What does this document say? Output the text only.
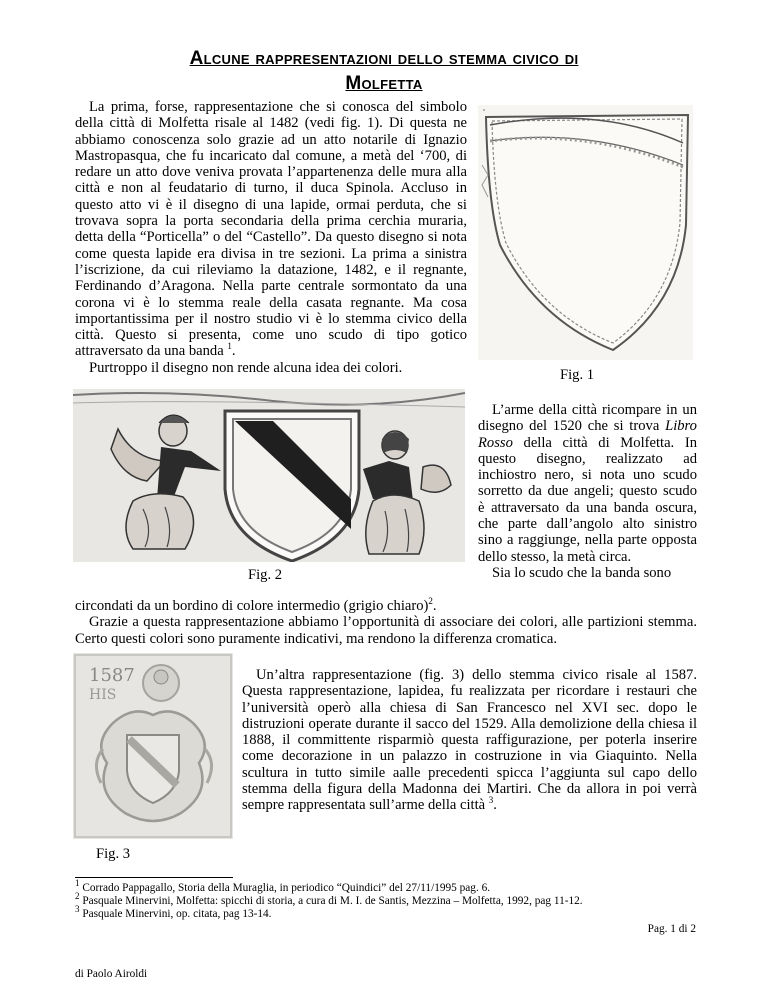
Alcune rappresentazioni dello stemma civico di
Molfetta

La prima, forse, rappresentazione che si conosca del simbolo della città di Molfetta risale al 1482 (vedi fig. 1). Di questa ne abbiamo conoscenza solo grazie ad un atto notarile di Ignazio Mastropasqua, che fu incaricato dal comune, a metà del ‘700, di redare un atto dove veniva provata l’appartenenza delle mura alla città e non al feudatario di turno, il duca Spinola. Accluso in questo atto vi è il disegno di una lapide, ormai perduta, che si trovava sopra la porta secondaria della prima cerchia muraria, detta della “Porticella” o del “Castello”. Da questo disegno si nota come questa lapide era divisa in tre sezioni. La prima a sinistra l’iscrizione, da cui rileviamo la datazione, 1482, e il regnante, Ferdinando d’Aragona. Nella parte centrale sormontato da una corona vi è lo stemma reale della casata regnante. Ma cosa importantissima per il nostro studio vi è lo stemma civico della città. Questo si presenta, come uno scudo di tipo gotico attraversato da una banda $^1$.

Purtroppo il disegno non rende alcuna idea dei colori.	Fig. 1
Fig. 2

L’arme della città ricompare in un disegno del 1520 che si trova Libro Rosso della città di Molfetta. In questo disegno, realizzato ad inchiostro nero, si nota uno scudo sorretto da due angeli; questo scudo è attraversato da una banda oscura, che parte dall’angolo alto sinistro sino a raggiunge, nella parte opposta dello stesso, la metà circa.

Sia lo scudo che la banda sono

circondati da un bordino di colore intermedio (grigio chiaro)$^2$.

Grazie a questa rappresentazione abbiamo l’opportunità di associare dei colori, alle partizioni stemma. Certo questi colori sono puramente indicativi, ma rendono la differenza cromatica.

1587
HIS
Fig. 3

Un’altra rappresentazione (fig. 3) dello stemma civico risale al 1587. Questa rappresentazione, lapidea, fu realizzata per ricordare i restauri che l’università operò alla chiesa di San Francesco nel XVI sec. dopo le distruzioni operate durante il sacco del 1529. Alla demolizione della chiesa il 1888, il committente risparmiò questa raffigurazione, per poterla inserire come decorazione in un palazzo in costruzione in via Giaquinto. Nella scultura in tutto simile aalle precedenti spicca l’aggiunta sul capo dello stemma della figura della Madonna dei Martiri. Che da allora in poi verrà sempre rappresentata sull’arme della città $^3$.

$^1$ Corrado Pappagallo, Storia della Muraglia, in periodico “Quindici” del 27/11/1995 pag. 6.
$^2$ Pasquale Minervini, Molfetta: spicchi di storia, a cura di M. I. de Santis, Mezzina – Molfetta, 1992, pag 11-12.
$^3$ Pasquale Minervini, op. citata, pag 13-14.
Pag. 1 di 2
di Paolo Airoldi
